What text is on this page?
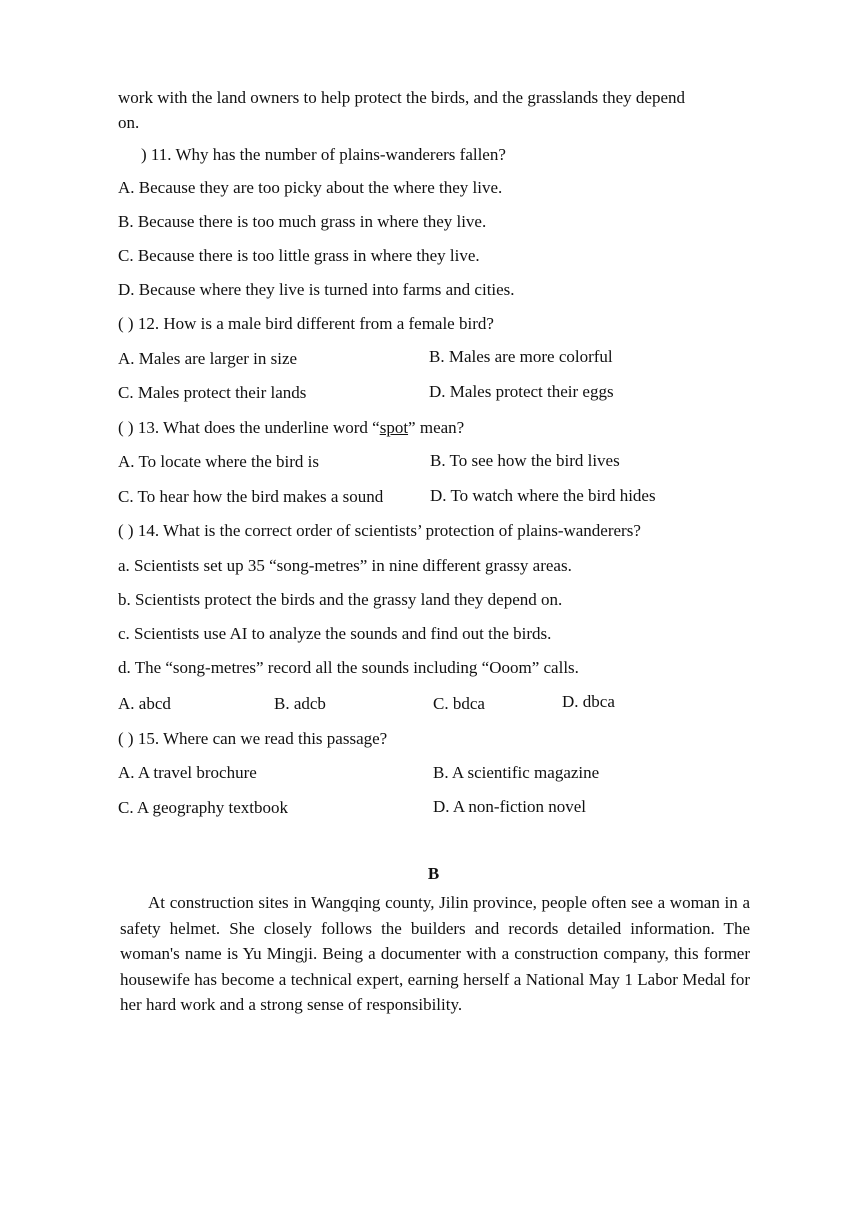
work with the land owners to help protect the birds, and the grasslands they depend
on.
) 11. Why has the number of plains-wanderers fallen?
A. Because they are too picky about the where they live.
B. Because there is too much grass in where they live.
C. Because there is too little grass in where they live.
D. Because where they live is turned into farms and cities.
( ) 12. How is a male bird different from a female bird?
A. Males are larger in size	B. Males are more colorful
C. Males protect their lands	D. Males protect their eggs
( ) 13. What does the underline word “spot” mean?
A. To locate where the bird is	B. To see how the bird lives
C. To hear how the bird makes a sound	D. To watch where the bird hides
( ) 14. What is the correct order of scientists’ protection of plains-wanderers?
a. Scientists set up 35 “song-metres” in nine different grassy areas.
b. Scientists protect the birds and the grassy land they depend on.
c. Scientists use AI to analyze the sounds and find out the birds.
d. The “song-metres” record all the sounds including “Ooom” calls.
A. abcd	B. adcb	C. bdca	D. dbca
( ) 15. Where can we read this passage?
A. A travel brochure	B. A scientific magazine
C. A geography textbook	D. A non-fiction novel
B
At construction sites in Wangqing county, Jilin province, people often see a woman in a safety helmet. She closely follows the builders and records detailed information. The woman's name is Yu Mingji. Being a documenter with a construction company, this former housewife has become a technical expert, earning herself a National May 1 Labor Medal for her hard work and a strong sense of responsibility.
